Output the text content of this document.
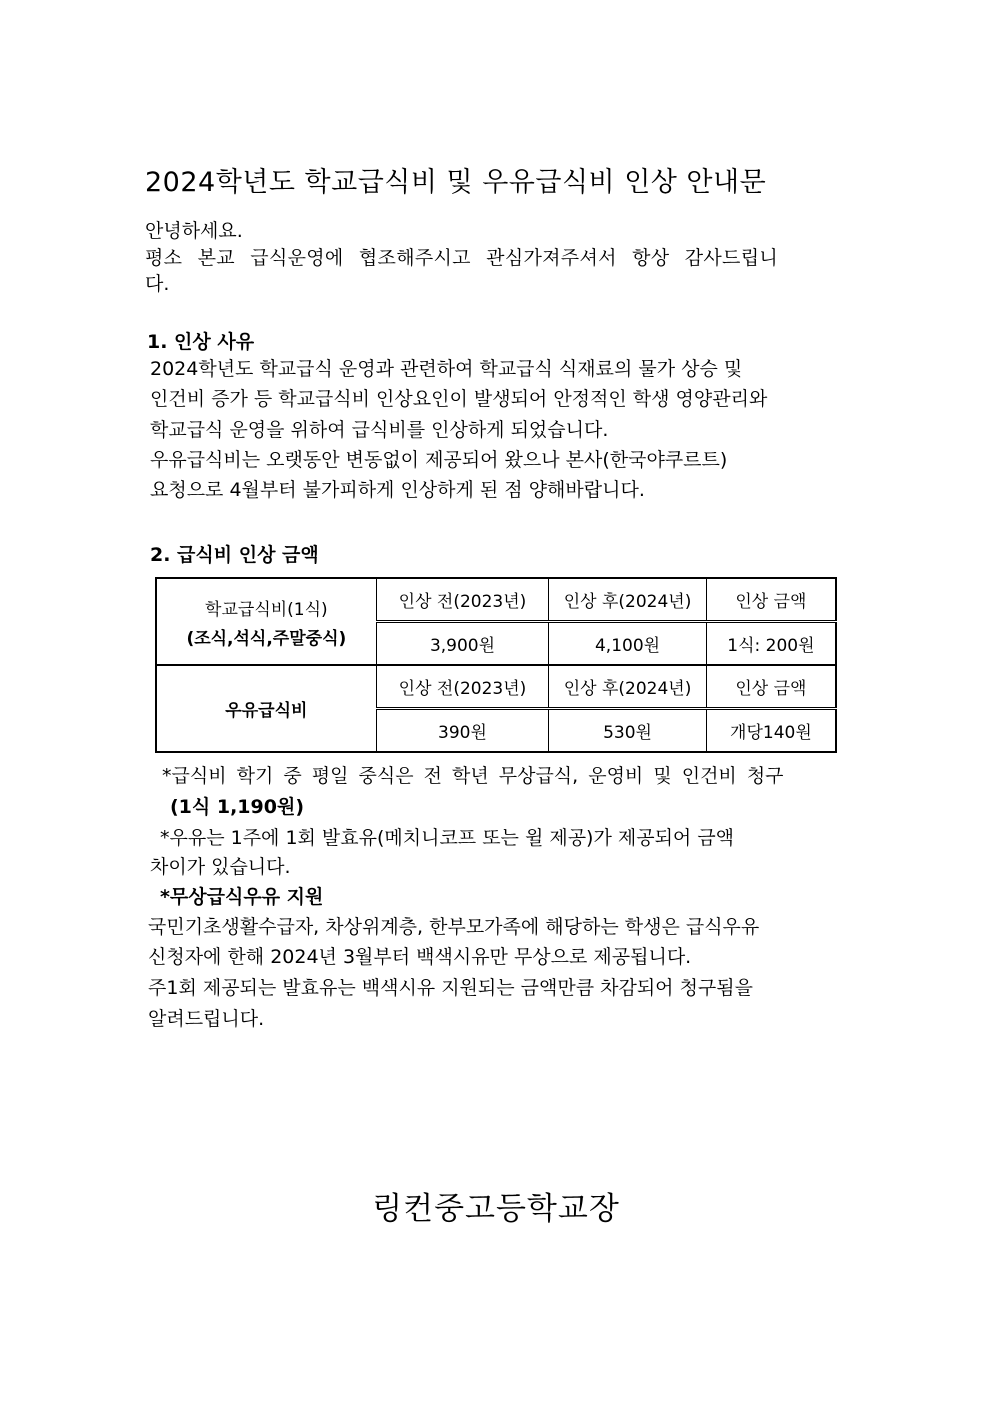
2024학년도 학교급식비 및 우유급식비 인상 안내문
안녕하세요.
평소 본교 급식운영에 협조해주시고 관심가져주셔서 항상 감사드립니
다.
1. 인상 사유
2024학년도 학교급식 운영과 관련하여 학교급식 식재료의 물가 상승 및
인건비 증가 등 학교급식비 인상요인이 발생되어 안정적인 학생 영양관리와
학교급식 운영을 위하여 급식비를 인상하게 되었습니다.
우유급식비는 오랫동안 변동없이 제공되어 왔으나 본사(한국야쿠르트)
요청으로 4월부터 불가피하게 인상하게 된 점 양해바랍니다.
2. 급식비 인상 금액
학교급식비(1식)
(조식,석식,주말중식)	인상 전(2023년)	인상 후(2024년)	인상 금액
	3,900원	4,100원	1식: 200원
우유급식비	인상 전(2023년)	인상 후(2024년)	인상 금액
	390원	530원	개당140원
*급식비 학기 중 평일 중식은 전 학년 무상급식, 운영비 및 인건비 청구
(1식 1,190원)
*우유는 1주에 1회 발효유(메치니코프 또는 윌 제공)가 제공되어 금액
차이가 있습니다.
*무상급식우유 지원
국민기초생활수급자, 차상위계층, 한부모가족에 해당하는 학생은 급식우유
신청자에 한해 2024년 3월부터 백색시유만 무상으로 제공됩니다.
주1회 제공되는 발효유는 백색시유 지원되는 금액만큼 차감되어 청구됨을
알려드립니다.
링컨중고등학교장
